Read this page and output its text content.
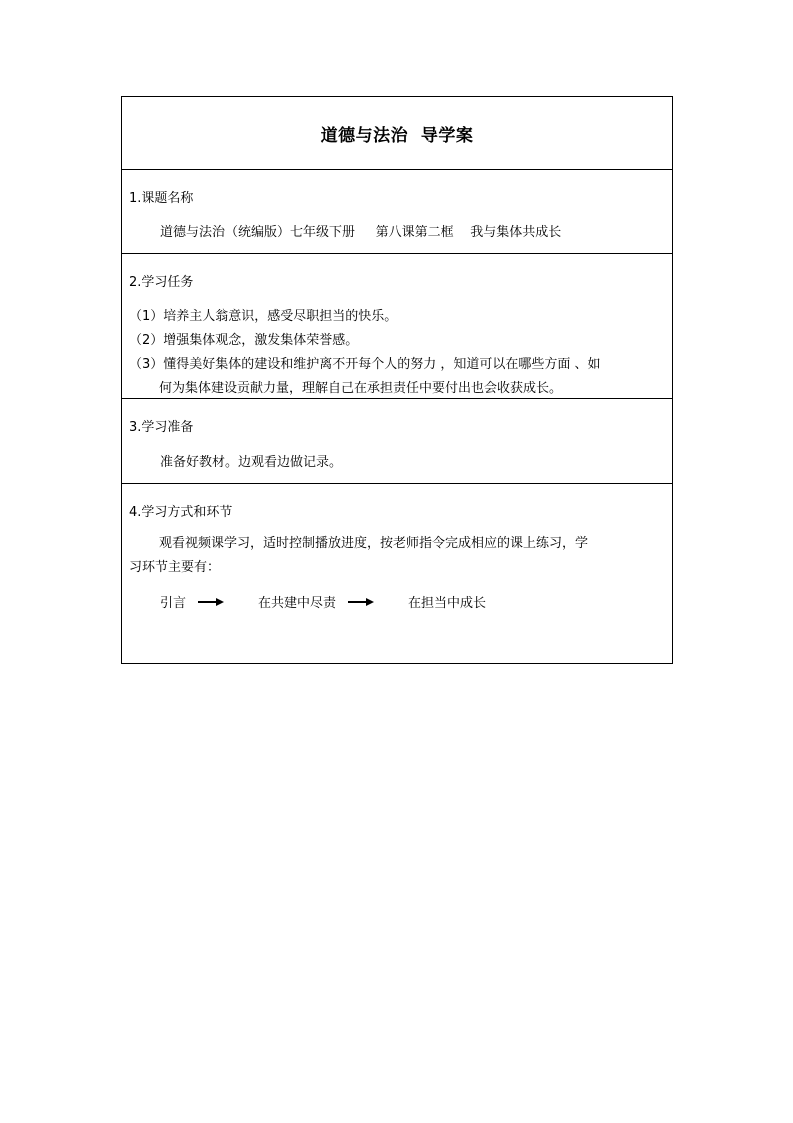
道德与法治  导学案
1.课题名称
道德与法治（统编版）七年级下册     第八课第二框    我与集体共成长
2.学习任务
（1） 培养主人翁意识，感受尽职担当的快乐。
（2） 增强集体观念，激发集体荣誉感。
（3） 懂得美好集体的建设和维护离不开每个人的努力 ，知道可以在哪些方面 、如
何为集体建设贡献力量，理解自己在承担责任中要付出也会收获成长。
3.学习准备
准备好教材。边观看边做记录。
4.学习方式和环节
观看视频课学习，适时控制播放进度，按老师指令完成相应的课上练习，学
习环节主要有：
引言	在共建中尽责	在担当中成长
